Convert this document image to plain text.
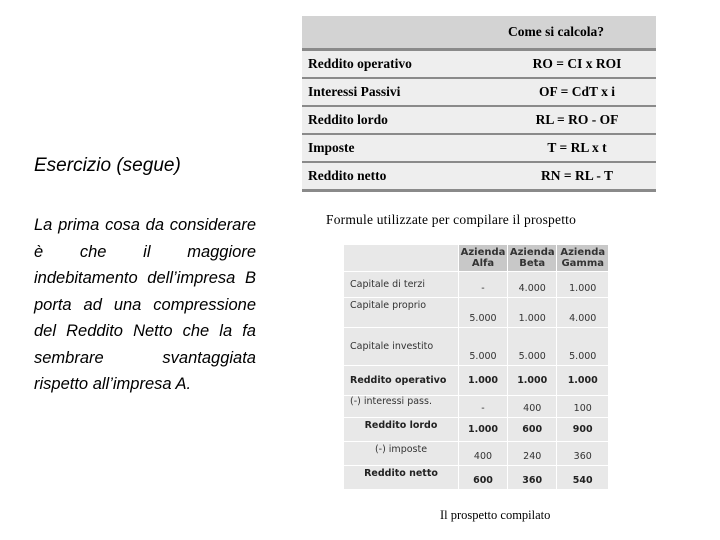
Esercizio (segue)

La prima cosa da considerare è che il maggiore indebitamento dell’impresa B porta ad una compressione del Reddito Netto che la fa sembrare svantaggiata rispetto all’impresa A.

Come si calcola?	
Reddito operativo	RO = CI x ROI
Interessi Passivi	OF = CdT x i
Reddito lordo	RL = RO - OF
Imposte	T = RL x t
Reddito netto	RN = RL - T
Formule utilizzate per compilare il prospetto
	Azienda Alfa	Azienda Beta	Azienda Gamma
Capitale di terzi	-	4.000	1.000
Capitale proprio	5.000	1.000	4.000
Capitale investito	5.000	5.000	5.000
Reddito operativo	1.000	1.000	1.000
(-) interessi pass.	-	400	100
Reddito lordo	1.000	600	900
(-) imposte	400	240	360
Reddito netto	600	360	540
Il prospetto compilato
